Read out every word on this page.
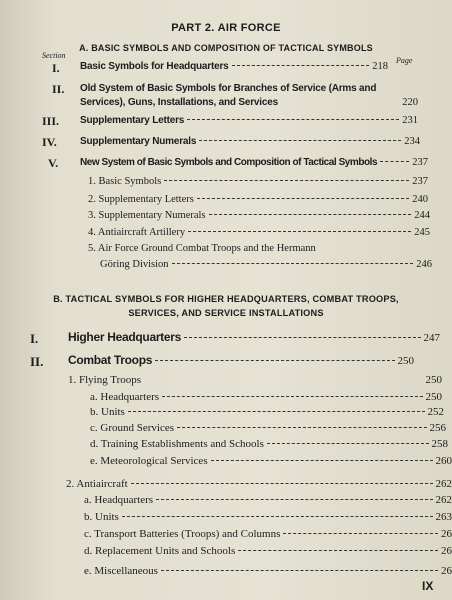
PART 2. AIR FORCE
A. BASIC SYMBOLS AND COMPOSITION OF TACTICAL SYMBOLS
Section
Page
I. Basic Symbols for Headquarters	218
II. Old System of Basic Symbols for Branches of Service (Arms and
Services), Guns, Installations, and Services	220
III. Supplementary Letters	231
IV. Supplementary Numerals	234
V. New System of Basic Symbols and Composition of Tactical Symbols	237
1. Basic Symbols	237
2. Supplementary Letters	240
3. Supplementary Numerals	244
4. Antiaircraft Artillery	245
5. Air Force Ground Combat Troops and the Hermann
Göring Division	246
B. TACTICAL SYMBOLS FOR HIGHER HEADQUARTERS, COMBAT TROOPS,
SERVICES, AND SERVICE INSTALLATIONS
I. Higher Headquarters	247
II. Combat Troops	250
1. Flying Troops	250
a. Headquarters	250
b. Units	252
c. Ground Services	256
d. Training Establishments and Schools	258
e. Meteorological Services	260
2. Antiaircraft	262
a. Headquarters	262
b. Units	263
c. Transport Batteries (Troops) and Columns	26
d. Replacement Units and Schools	26
e. Miscellaneous	26
IX
